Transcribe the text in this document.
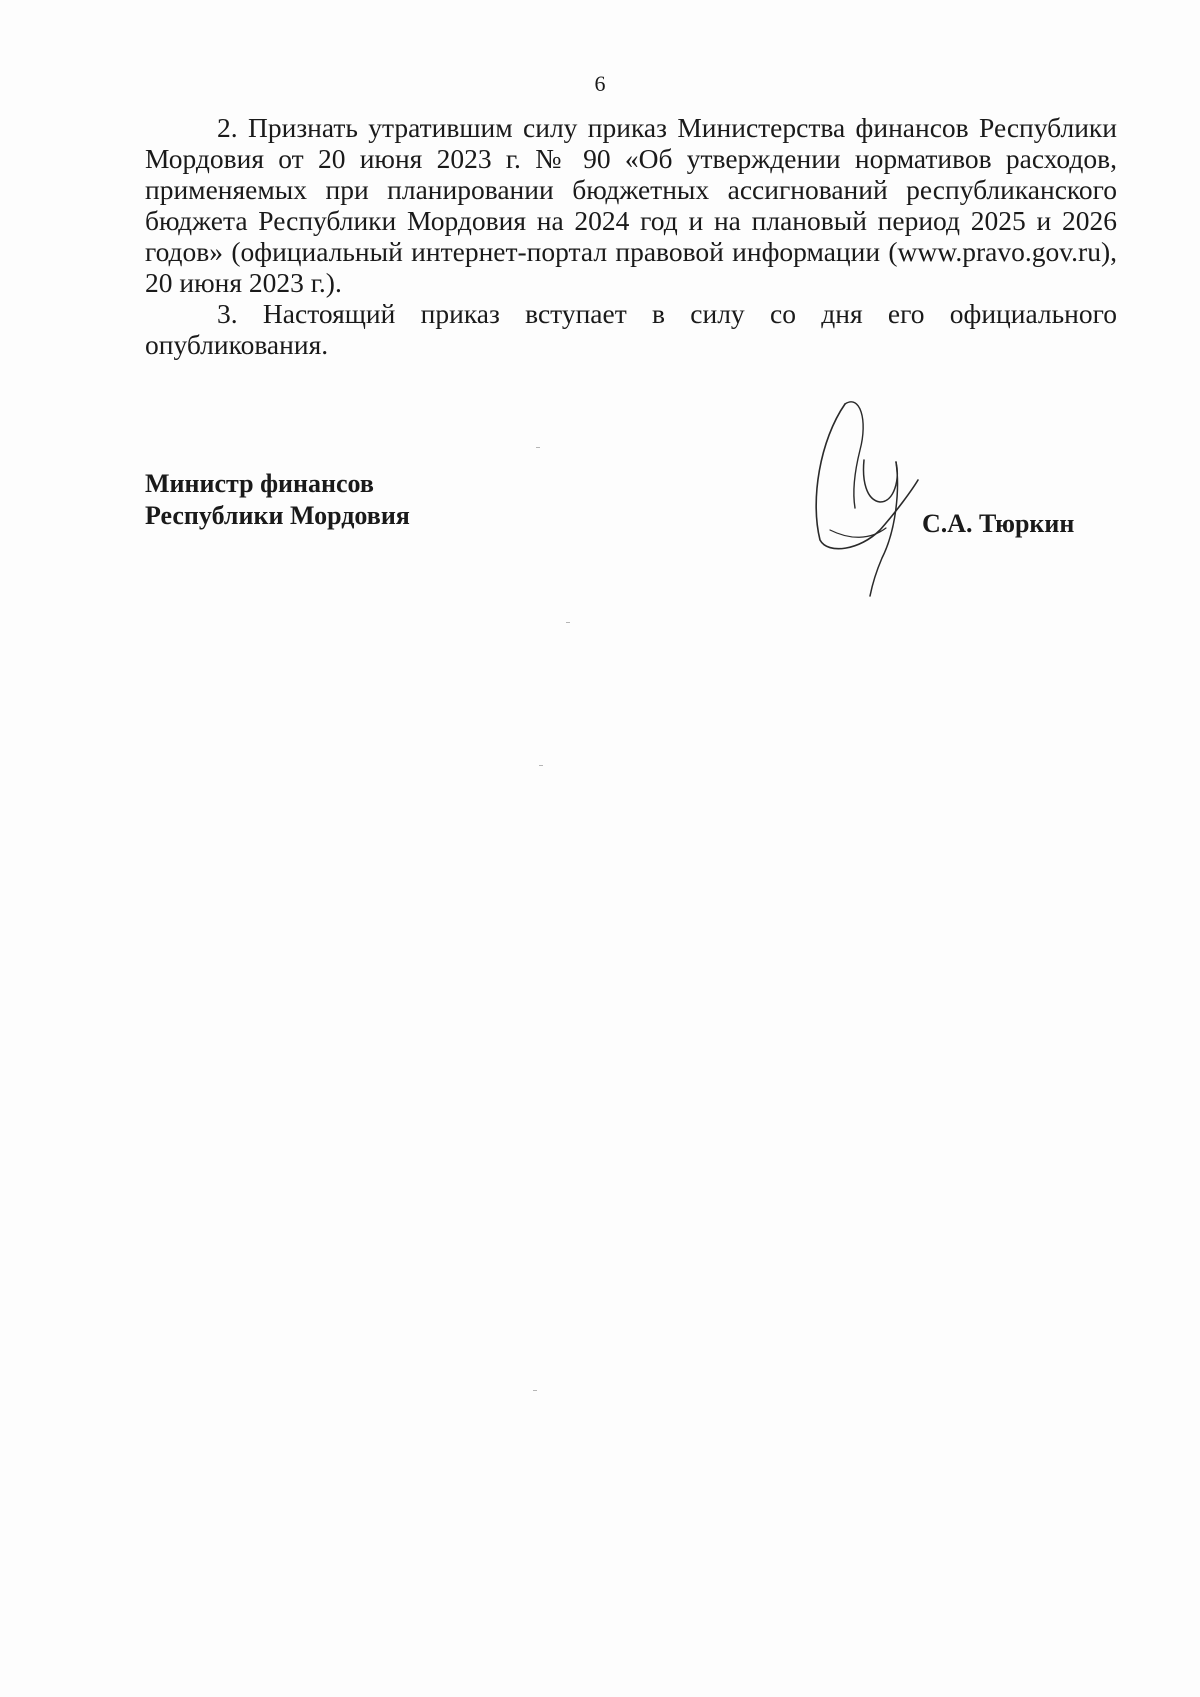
6

2. Признать утратившим силу приказ Министерства финансов Республики Мордовия от 20 июня 2023 г. № 90 «Об утверждении нормативов расходов, применяемых при планировании бюджетных ассигнований республиканского бюджета Республики Мордовия на 2024 год и на плановый период 2025 и 2026 годов» (официальный интернет-портал правовой информации (www.pravo.gov.ru), 20 июня 2023 г.).

3. Настоящий приказ вступает в силу со дня его официального опубликования.

Министр финансов
Республики Мордовия	С.А. Тюркин
